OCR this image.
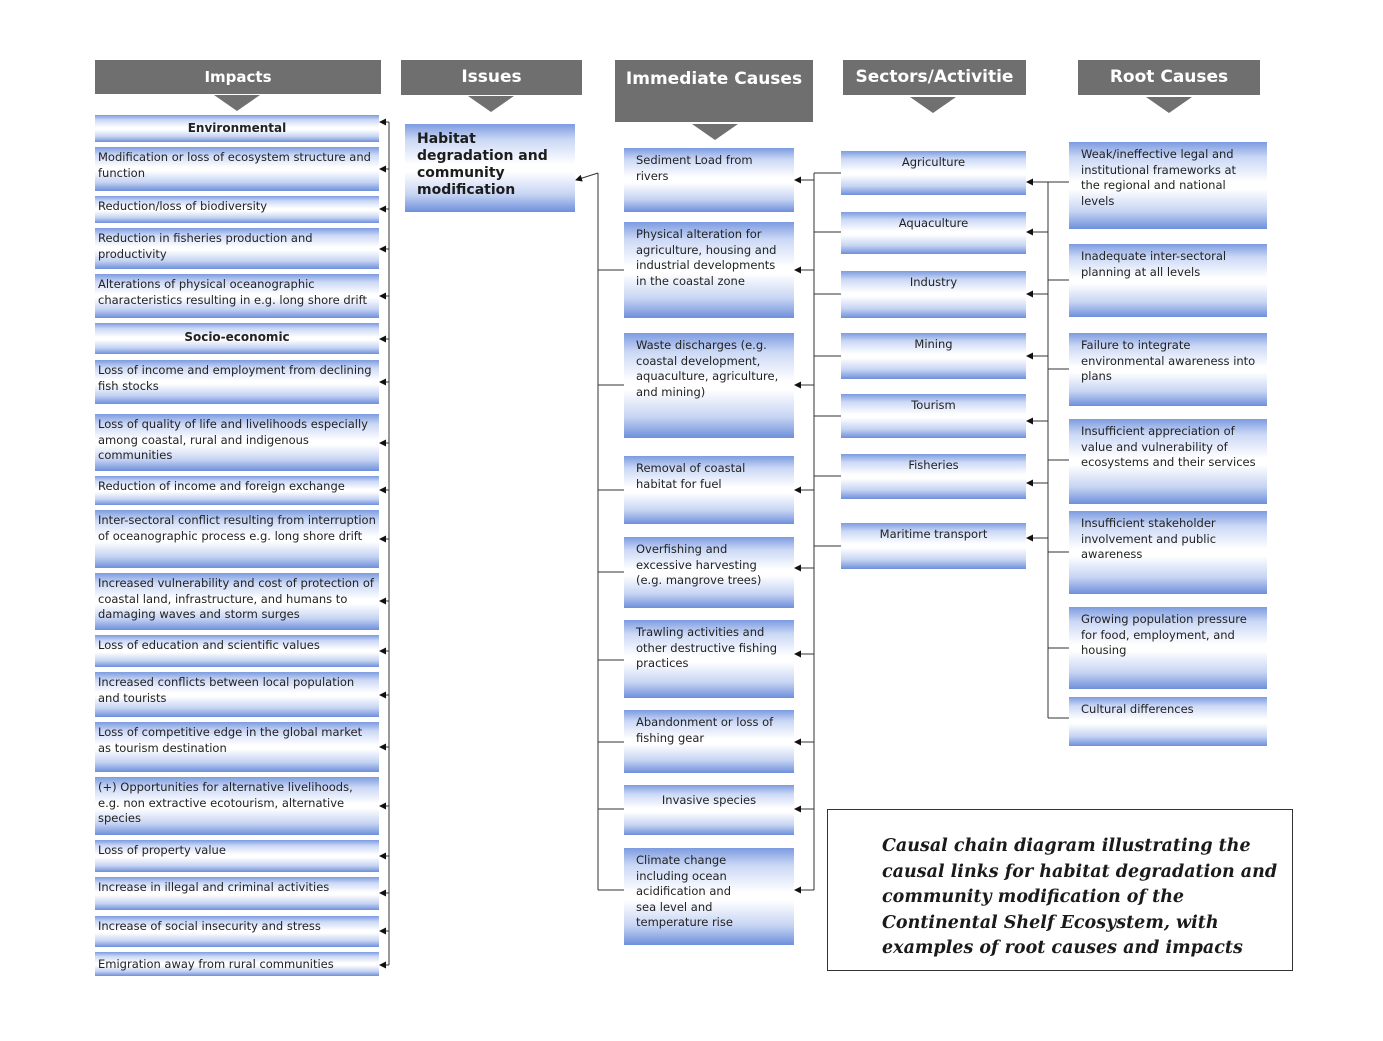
Impacts	Issues	Immediate Causes	Sectors/Activitie	Root Causes
Environmental
Modification or loss of ecosystem structure and function
Reduction/loss of biodiversity
Reduction in fisheries production and productivity
Alterations of physical oceanographic characteristics resulting in e.g. long shore drift
Socio-economic
Loss of income and employment from declining fish stocks
Loss of quality of life and livelihoods especially among coastal, rural and indigenous communities
Reduction of income and foreign exchange
Inter-sectoral conflict resulting from interruption of oceanographic process e.g. long shore drift
Increased vulnerability and cost of protection of coastal land, infrastructure, and humans to damaging waves and storm surges
Loss of education and scientific values
Increased conflicts between local population and tourists
Loss of competitive edge in the global market as tourism destination
(+) Opportunities for alternative livelihoods, e.g. non extractive ecotourism, alternative species
Loss of property value
Increase in illegal and criminal activities
Increase of social insecurity and stress
Emigration away from rural communities
Habitat degradation and community modification
Sediment Load from rivers
Physical alteration for agriculture, housing and industrial developments in the coastal zone
Waste discharges (e.g. coastal development, aquaculture, agriculture, and mining)
Removal of coastal habitat for fuel
Overfishing and excessive harvesting (e.g. mangrove trees)
Trawling activities and other destructive fishing practices
Abandonment or loss of fishing gear
Invasive species
Climate change including ocean acidification and sea level and temperature rise
Agriculture
Aquaculture
Industry
Mining
Tourism
Fisheries
Maritime transport
Weak/ineffective legal and institutional frameworks at the regional and national levels
Inadequate inter-sectoral planning at all levels
Failure to integrate environmental awareness into plans
Insufficient appreciation of value and vulnerability of ecosystems and their services
Insufficient stakeholder involvement and public awareness
Growing population pressure for food, employment, and housing
Cultural differences
Causal chain diagram illustrating the causal links for habitat degradation and community modification of the Continental Shelf Ecosystem, with examples of root causes and impacts
